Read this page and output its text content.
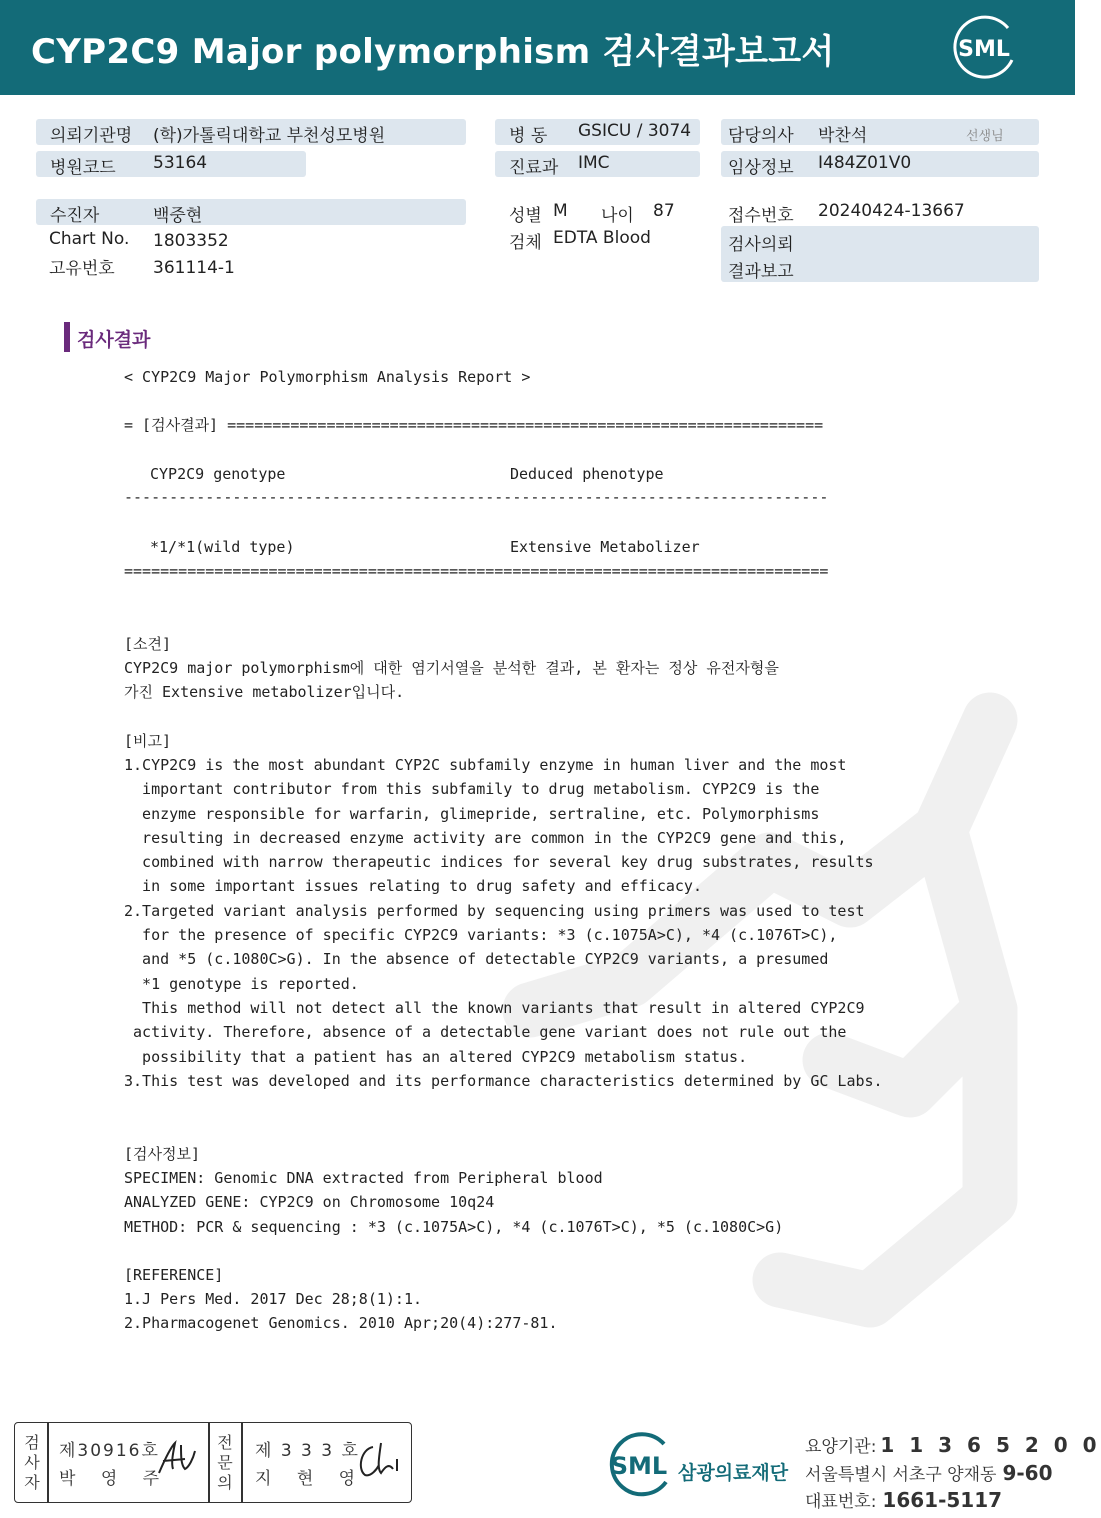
CYP2C9 Major polymorphism 검사결과보고서	SML
의뢰기관명 (학)가톨릭대학교 부천성모병원
병원코드 53164
병 동 GSICU / 3074
진료과 IMC
담당의사 박찬석	선생님
임상정보 I484Z01V0
수진자	백중현
Chart No. 1803352
고유번호 361114-1
성별 M 나이 87
검체 EDTA Blood
접수번호 20240424-13667
검사의뢰
결과보고
검사결과
< CYP2C9 Major Polymorphism Analysis Report >
= [검사결과] ==================================================================
CYP2C9 genotype	Deduced phenotype
------------------------------------------------------------------------------
*1/*1(wild type)	Extensive Metabolizer
==============================================================================
[소견]
CYP2C9 major polymorphism에 대한 염기서열을 분석한 결과, 본 환자는 정상 유전자형을
가진 Extensive metabolizer입니다.
[비고]
1.CYP2C9 is the most abundant CYP2C subfamily enzyme in human liver and the most
important contributor from this subfamily to drug metabolism. CYP2C9 is the
enzyme responsible for warfarin, glimepride, sertraline, etc. Polymorphisms
resulting in decreased enzyme activity are common in the CYP2C9 gene and this,
combined with narrow therapeutic indices for several key drug substrates, results
in some important issues relating to drug safety and efficacy.
2.Targeted variant analysis performed by sequencing using primers was used to test
for the presence of specific CYP2C9 variants: *3 (c.1075A>C), *4 (c.1076T>C),
and *5 (c.1080C>G). In the absence of detectable CYP2C9 variants, a presumed
*1 genotype is reported.
This method will not detect all the known variants that result in altered CYP2C9
activity. Therefore, absence of a detectable gene variant does not rule out the
possibility that a patient has an altered CYP2C9 metabolism status.
3.This test was developed and its performance characteristics determined by GC Labs.
[검사정보]
SPECIMEN: Genomic DNA extracted from Peripheral blood
ANALYZED GENE: CYP2C9 on Chromosome 10q24
METHOD: PCR & sequencing : *3 (c.1075A>C), *4 (c.1076T>C), *5 (c.1080C>G)
[REFERENCE]
1.J Pers Med. 2017 Dec 28;8(1):1.
2.Pharmacogenet Genomics. 2010 Apr;20(4):277-81.
검사자
제30916호
박 영 주
전문의
제 3 3 3 호
지 현 영	SML 삼광의료재단
요양기관: 1 1 3 6 5 2 0 0
서울특별시 서초구 양재동 9-60
대표번호: 1661-5117
